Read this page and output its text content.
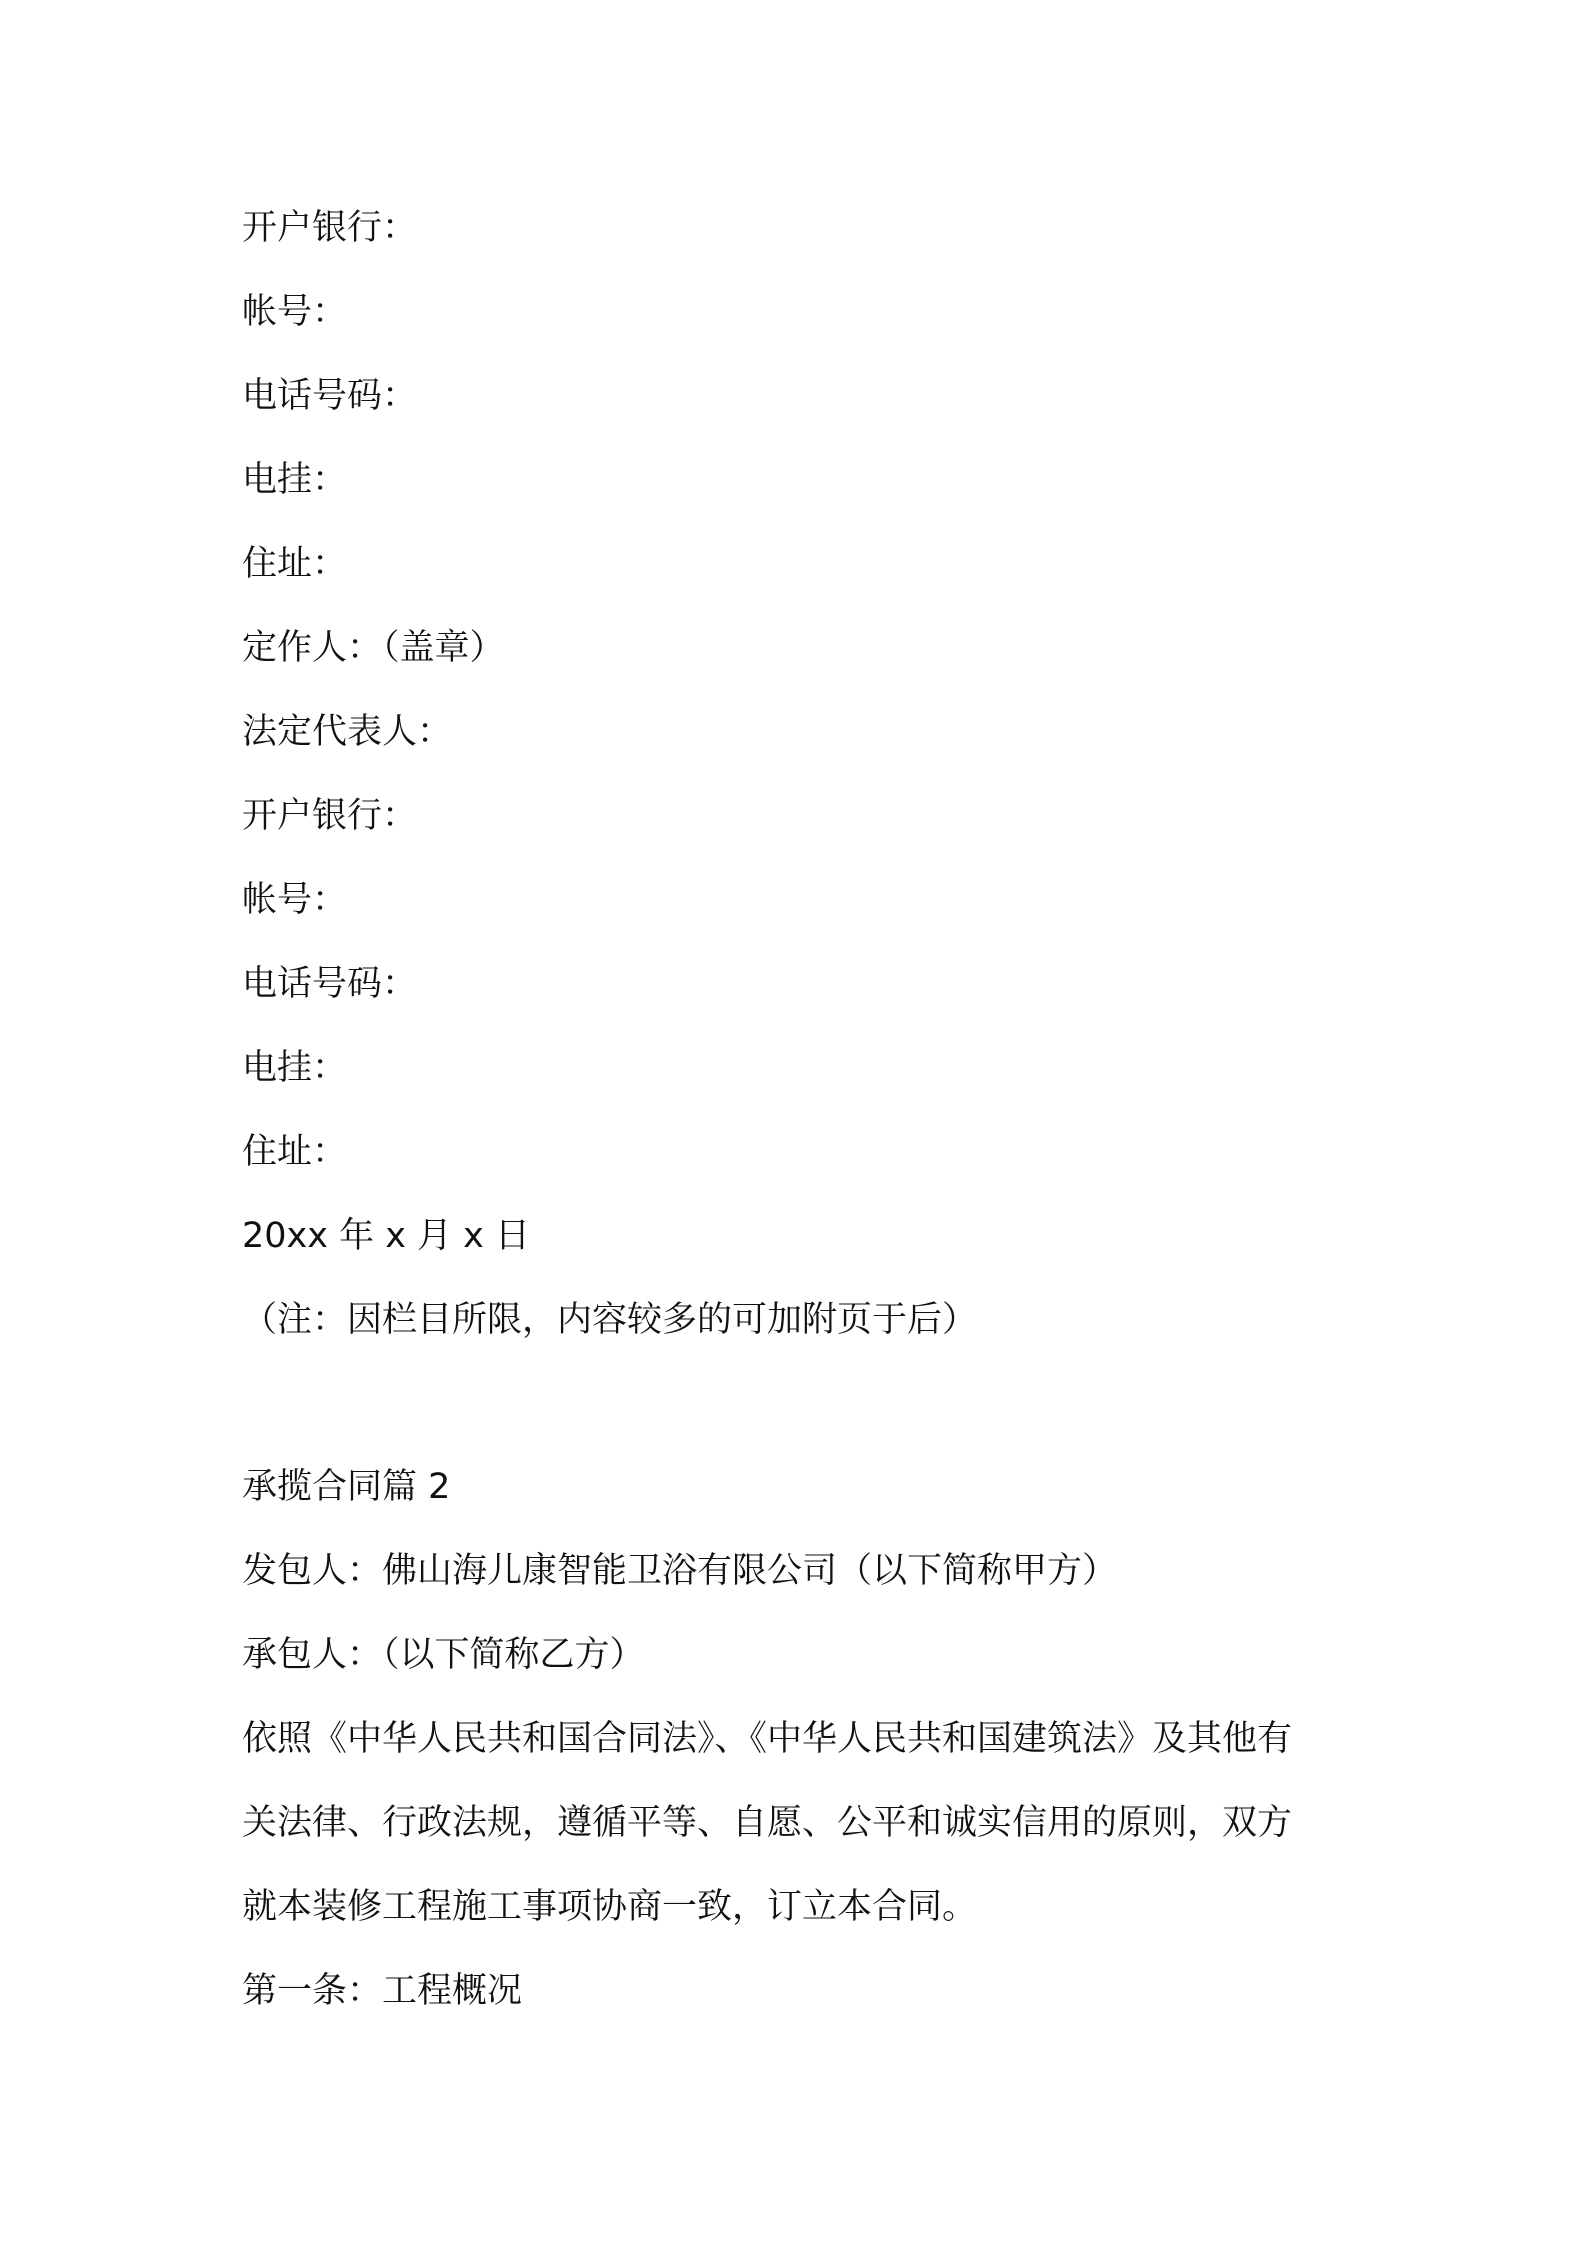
开户银行：
帐号：
电话号码：
电挂：
住址：
定作人：（盖章）
法定代表人：
开户银行：
帐号：
电话号码：
电挂：
住址：
20xx 年 x 月 x 日
（注：因栏目所限，内容较多的可加附页于后）
承揽合同篇 2
发包人：佛山海儿康智能卫浴有限公司（以下简称甲方）
承包人：（以下简称乙方）
依照《中华人民共和国合同法》、《中华人民共和国建筑法》及其他有
关法律、行政法规，遵循平等、自愿、公平和诚实信用的原则，双方
就本装修工程施工事项协商一致，订立本合同。
第一条：工程概况
